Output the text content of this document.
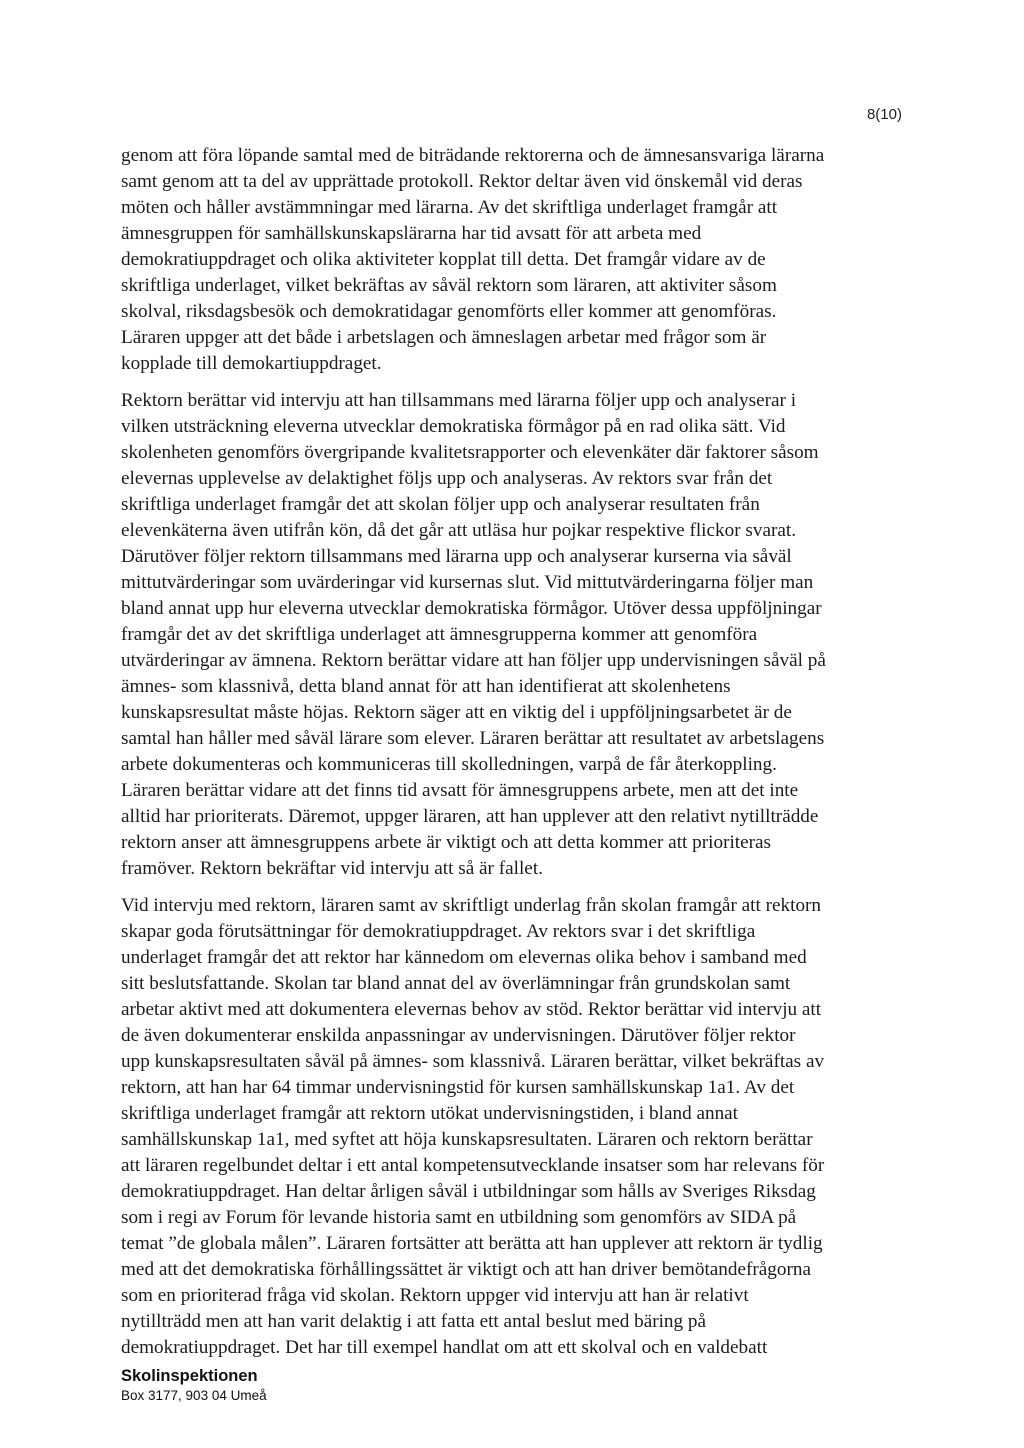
8(10)

genom att föra löpande samtal med de biträdande rektorerna och de ämnesansvariga lärarna
samt genom att ta del av upprättade protokoll. Rektor deltar även vid önskemål vid deras
möten och håller avstämmningar med lärarna. Av det skriftliga underlaget framgår att
ämnesgruppen för samhällskunskapslärarna har tid avsatt för att arbeta med
demokratiuppdraget och olika aktiviteter kopplat till detta. Det framgår vidare av de
skriftliga underlaget, vilket bekräftas av såväl rektorn som läraren, att aktiviter såsom
skolval, riksdagsbesök och demokratidagar genomförts eller kommer att genomföras.
Läraren uppger att det både i arbetslagen och ämneslagen arbetar med frågor som är
kopplade till demokartiuppdraget.

Rektorn berättar vid intervju att han tillsammans med lärarna följer upp och analyserar i
vilken utsträckning eleverna utvecklar demokratiska förmågor på en rad olika sätt. Vid
skolenheten genomförs övergripande kvalitetsrapporter och elevenkäter där faktorer såsom
elevernas upplevelse av delaktighet följs upp och analyseras. Av rektors svar från det
skriftliga underlaget framgår det att skolan följer upp och analyserar resultaten från
elevenkäterna även utifrån kön, då det går att utläsa hur pojkar respektive flickor svarat.
Därutöver följer rektorn tillsammans med lärarna upp och analyserar kurserna via såväl
mittutvärderingar som uvärderingar vid kursernas slut. Vid mittutvärderingarna följer man
bland annat upp hur eleverna utvecklar demokratiska förmågor. Utöver dessa uppföljningar
framgår det av det skriftliga underlaget att ämnesgrupperna kommer att genomföra
utvärderingar av ämnena. Rektorn berättar vidare att han följer upp undervisningen såväl på
ämnes- som klassnivå, detta bland annat för att han identifierat att skolenhetens
kunskapsresultat måste höjas. Rektorn säger att en viktig del i uppföljningsarbetet är de
samtal han håller med såväl lärare som elever. Läraren berättar att resultatet av arbetslagens
arbete dokumenteras och kommuniceras till skolledningen, varpå de får återkoppling.
Läraren berättar vidare att det finns tid avsatt för ämnesgruppens arbete, men att det inte
alltid har prioriterats. Däremot, uppger läraren, att han upplever att den relativt nytillträdde
rektorn anser att ämnesgruppens arbete är viktigt och att detta kommer att prioriteras
framöver. Rektorn bekräftar vid intervju att så är fallet.

Vid intervju med rektorn, läraren samt av skriftligt underlag från skolan framgår att rektorn
skapar goda förutsättningar för demokratiuppdraget. Av rektors svar i det skriftliga
underlaget framgår det att rektor har kännedom om elevernas olika behov i samband med
sitt beslutsfattande. Skolan tar bland annat del av överlämningar från grundskolan samt
arbetar aktivt med att dokumentera elevernas behov av stöd. Rektor berättar vid intervju att
de även dokumenterar enskilda anpassningar av undervisningen. Därutöver följer rektor
upp kunskapsresultaten såväl på ämnes- som klassnivå. Läraren berättar, vilket bekräftas av
rektorn, att han har 64 timmar undervisningstid för kursen samhällskunskap 1a1. Av det
skriftliga underlaget framgår att rektorn utökat undervisningstiden, i bland annat
samhällskunskap 1a1, med syftet att höja kunskapsresultaten. Läraren och rektorn berättar
att läraren regelbundet deltar i ett antal kompetensutvecklande insatser som har relevans för
demokratiuppdraget. Han deltar årligen såväl i utbildningar som hålls av Sveriges Riksdag
som i regi av Forum för levande historia samt en utbildning som genomförs av SIDA på
temat ”de globala målen”. Läraren fortsätter att berätta att han upplever att rektorn är tydlig
med att det demokratiska förhållingssättet är viktigt och att han driver bemötandefrågorna
som en prioriterad fråga vid skolan. Rektorn uppger vid intervju att han är relativt
nytillträdd men att han varit delaktig i att fatta ett antal beslut med bäring på
demokratiuppdraget. Det har till exempel handlat om att ett skolval och en valdebatt

Skolinspektionen
Box 3177, 903 04 Umeå
